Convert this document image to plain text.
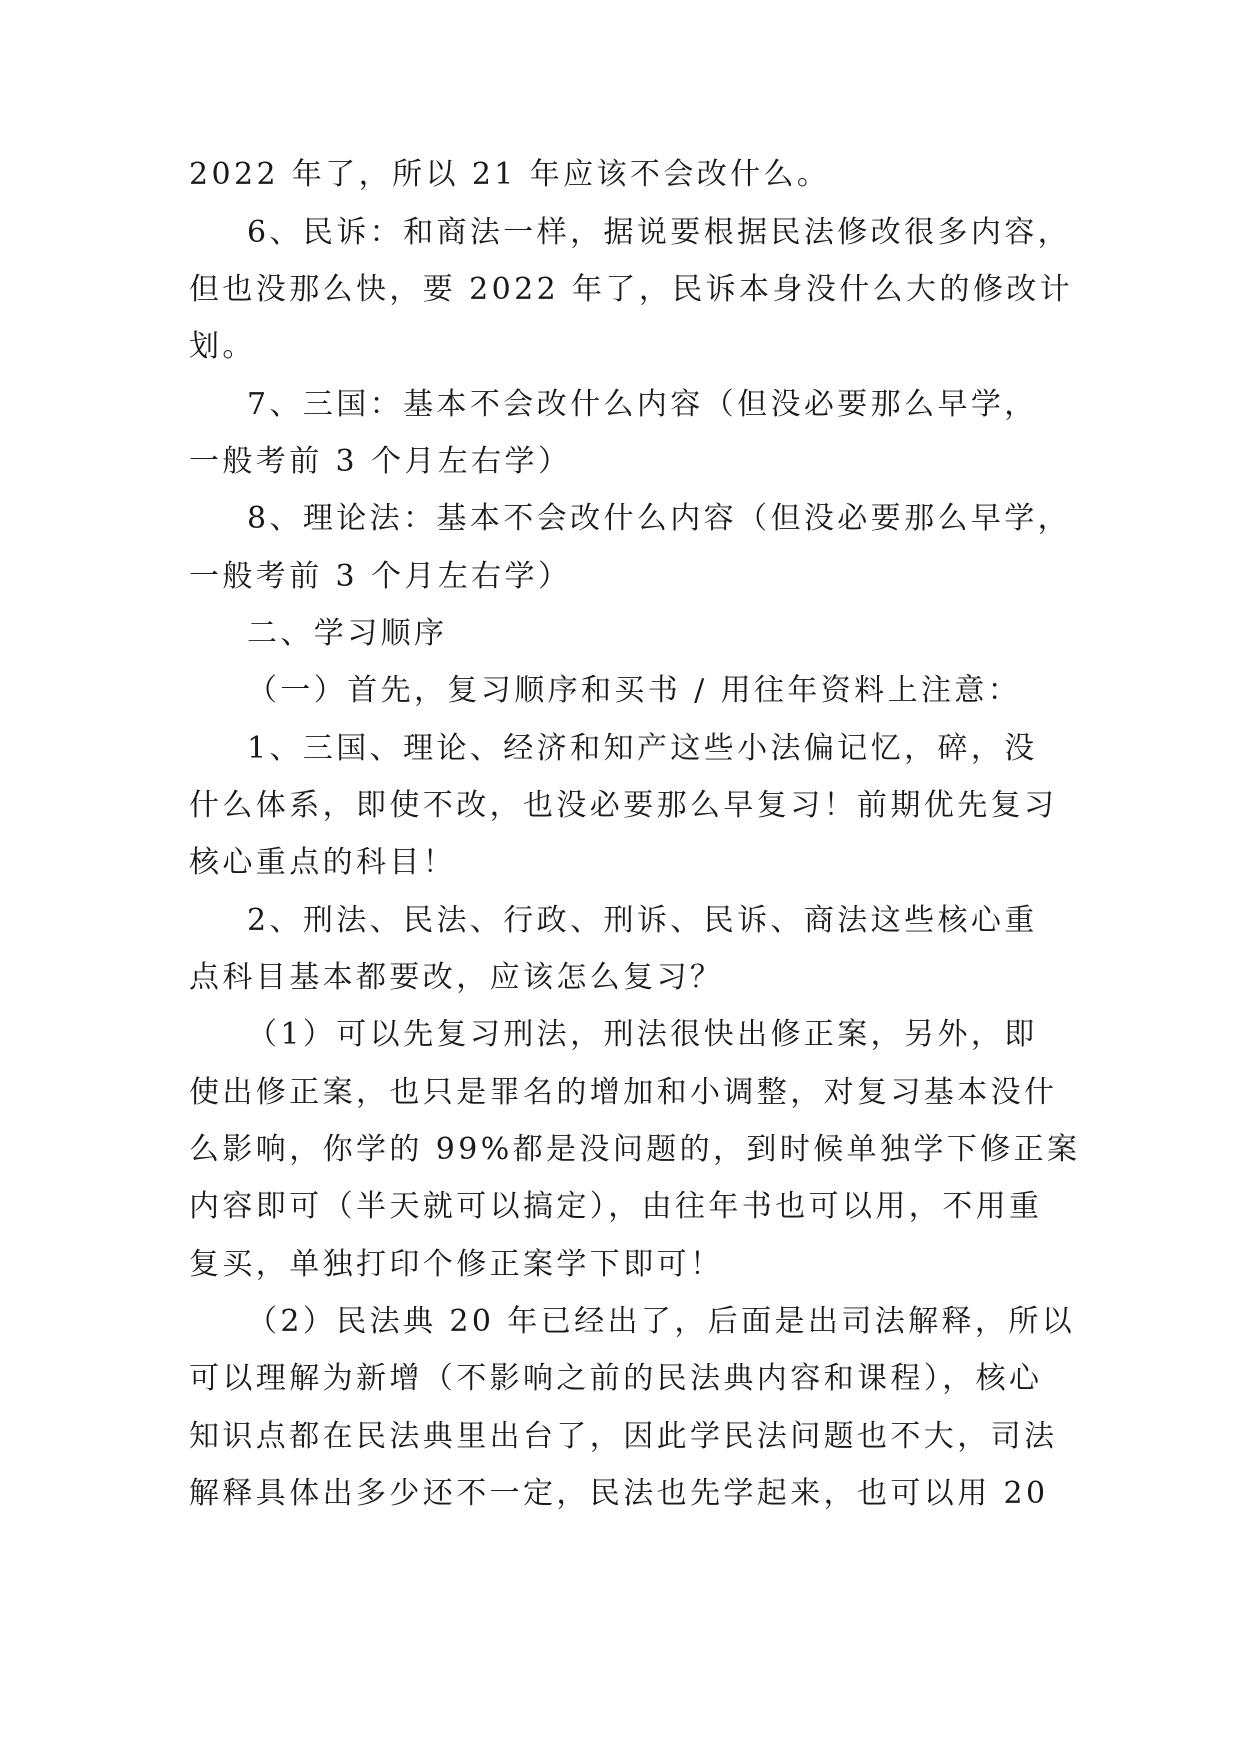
2022 年了，所以 21 年应该不会改什么。
6、民诉：和商法一样，据说要根据民法修改很多内容，
但也没那么快，要 2022 年了，民诉本身没什么大的修改计
划。
7、三国：基本不会改什么内容（但没必要那么早学，
一般考前 3 个月左右学）
8、理论法：基本不会改什么内容（但没必要那么早学，
一般考前 3 个月左右学）
二、学习顺序
（一）首先，复习顺序和买书 / 用往年资料上注意：
1、三国、理论、经济和知产这些小法偏记忆，碎，没
什么体系，即使不改，也没必要那么早复习！前期优先复习
核心重点的科目！
2、刑法、民法、行政、刑诉、民诉、商法这些核心重
点科目基本都要改，应该怎么复习？
（1）可以先复习刑法，刑法很快出修正案，另外，即
使出修正案，也只是罪名的增加和小调整，对复习基本没什
么影响，你学的 99%都是没问题的，到时候单独学下修正案
内容即可（半天就可以搞定），由往年书也可以用，不用重
复买，单独打印个修正案学下即可！
（2）民法典 20 年已经出了，后面是出司法解释，所以
可以理解为新增（不影响之前的民法典内容和课程），核心
知识点都在民法典里出台了，因此学民法问题也不大，司法
解释具体出多少还不一定，民法也先学起来，也可以用 20
